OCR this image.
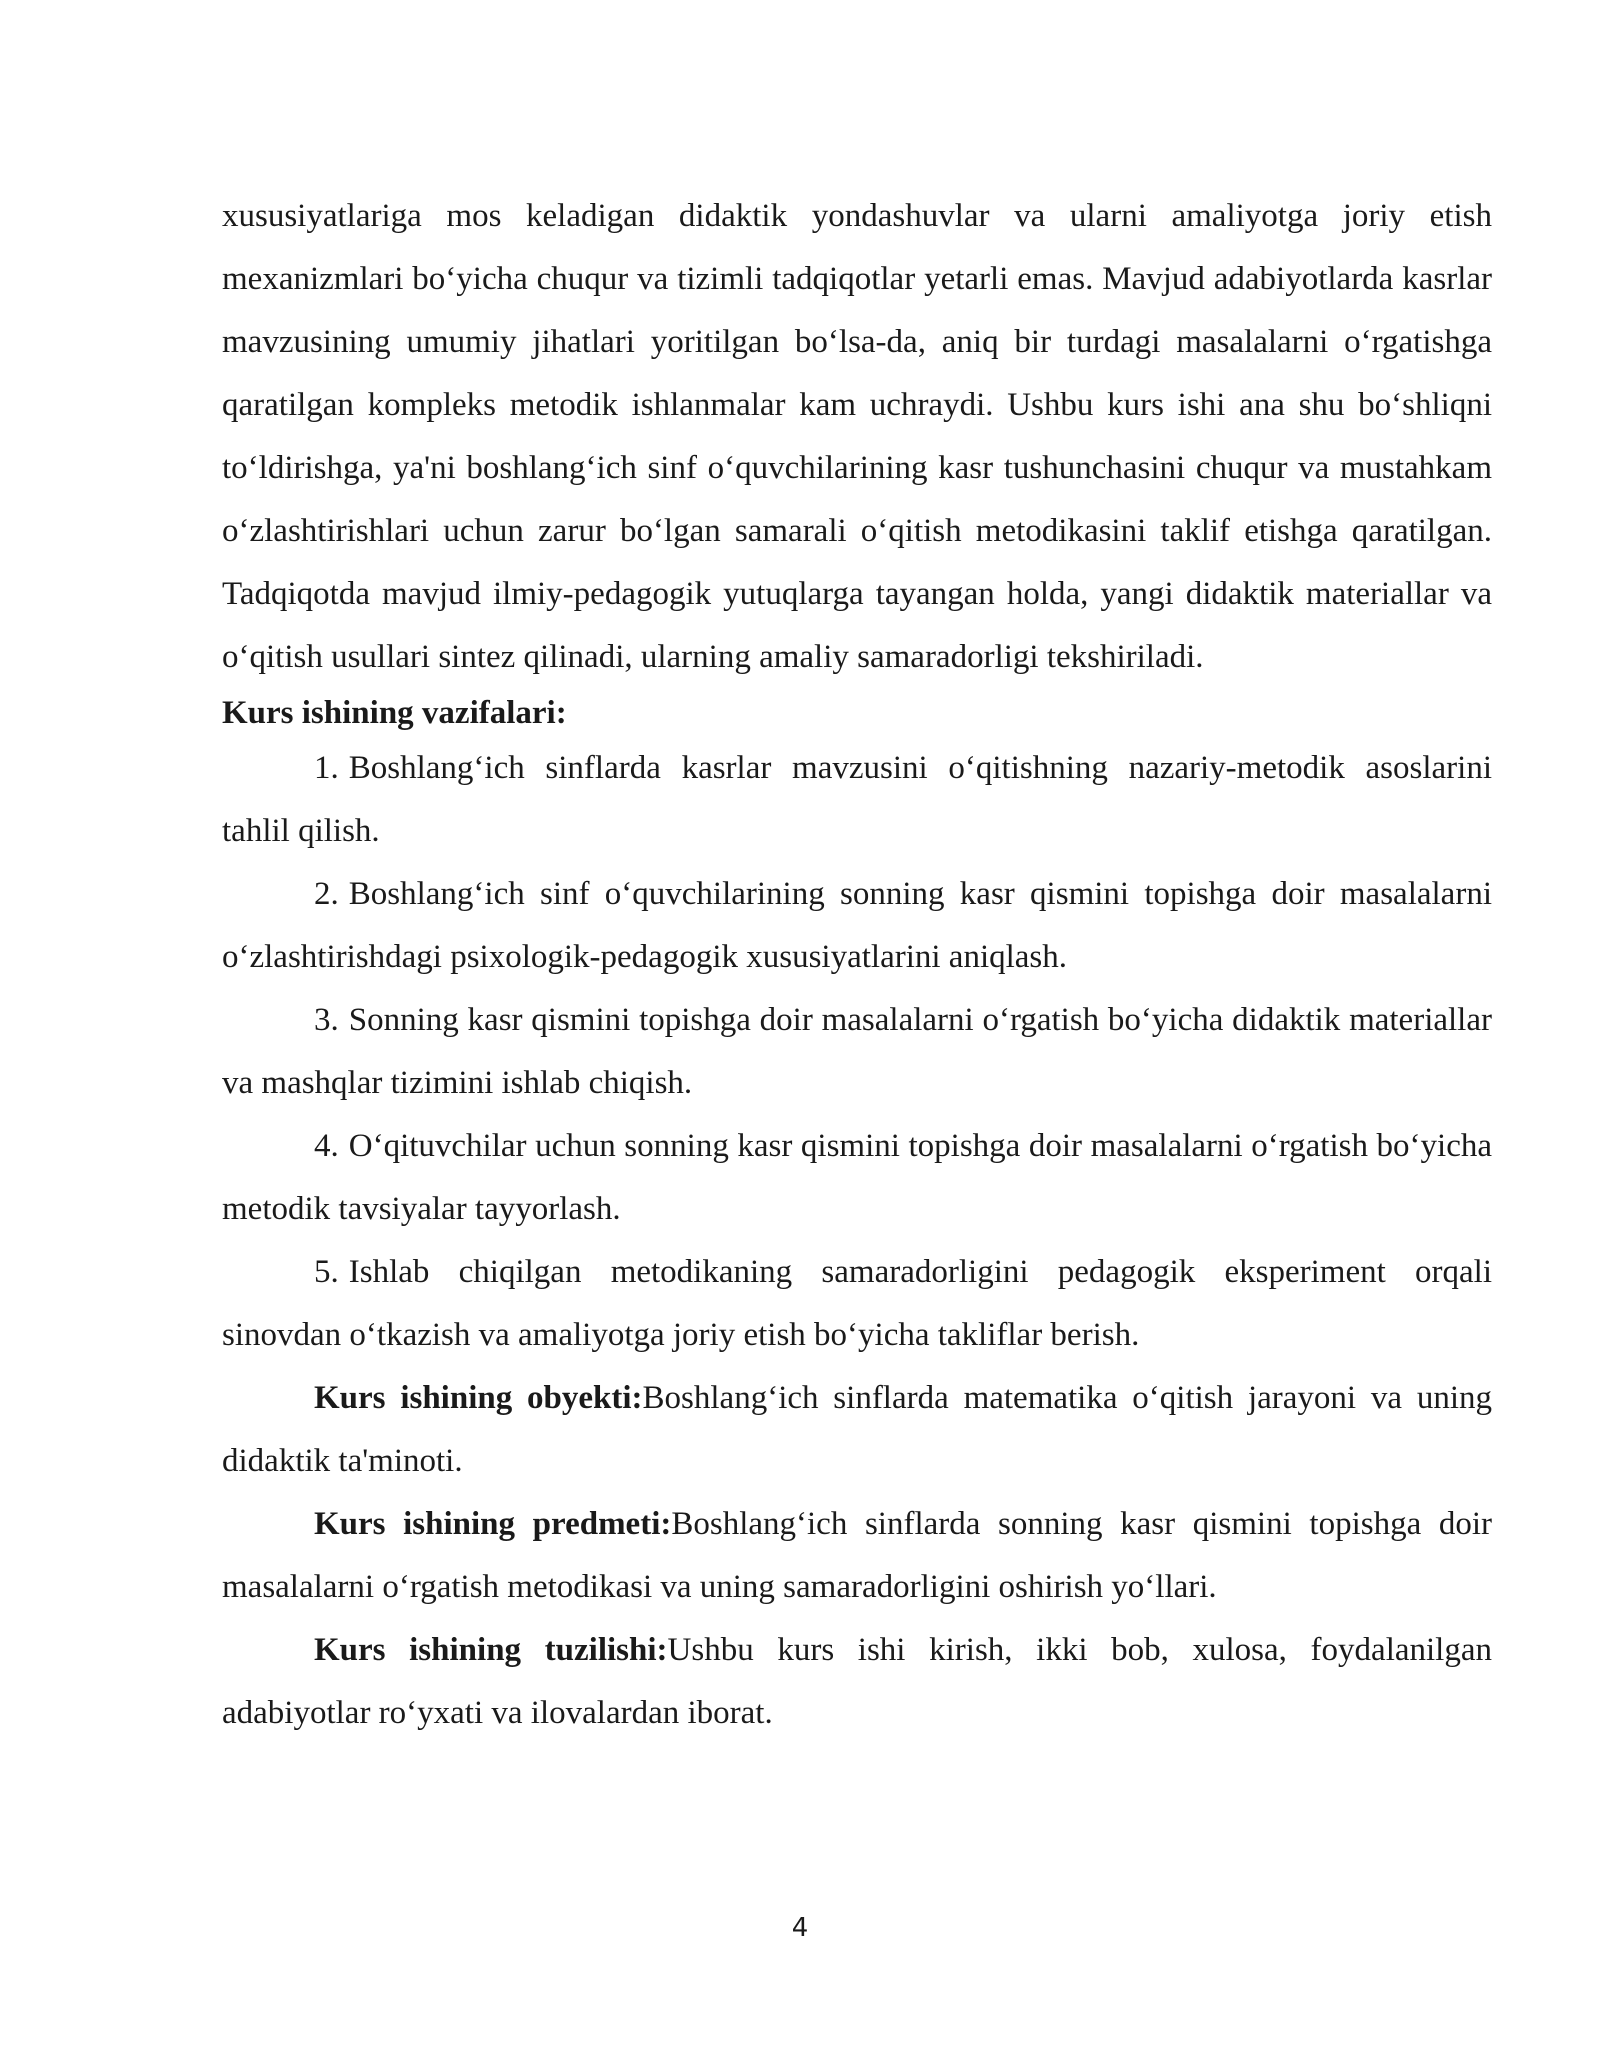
xususiyatlariga mos keladigan didaktik yondashuvlar va ularni amaliyotga joriy etish mexanizmlari bo‘yicha chuqur va tizimli tadqiqotlar yetarli emas. Mavjud adabiyotlarda kasrlar mavzusining umumiy jihatlari yoritilgan bo‘lsa-da, aniq bir turdagi masalalarni o‘rgatishga qaratilgan kompleks metodik ishlanmalar kam uchraydi. Ushbu kurs ishi ana shu bo‘shliqni to‘ldirishga, ya'ni boshlang‘ich sinf o‘quvchilarining kasr tushunchasini chuqur va mustahkam o‘zlashtirishlari uchun zarur bo‘lgan samarali o‘qitish metodikasini taklif etishga qaratilgan. Tadqiqotda mavjud ilmiy-pedagogik yutuqlarga tayangan holda, yangi didaktik materiallar va o‘qitish usullari sintez qilinadi, ularning amaliy samaradorligi tekshiriladi.

Kurs ishining vazifalari:

1. Boshlang‘ich sinflarda kasrlar mavzusini o‘qitishning nazariy-metodik asoslarini tahlil qilish.

2. Boshlang‘ich sinf o‘quvchilarining sonning kasr qismini topishga doir masalalarni o‘zlashtirishdagi psixologik-pedagogik xususiyatlarini aniqlash.

3. Sonning kasr qismini topishga doir masalalarni o‘rgatish bo‘yicha didaktik materiallar va mashqlar tizimini ishlab chiqish.

4. O‘qituvchilar uchun sonning kasr qismini topishga doir masalalarni o‘rgatish bo‘yicha metodik tavsiyalar tayyorlash.

5. Ishlab chiqilgan metodikaning samaradorligini pedagogik eksperiment orqali sinovdan o‘tkazish va amaliyotga joriy etish bo‘yicha takliflar berish.

Kurs ishining obyekti:Boshlang‘ich sinflarda matematika o‘qitish jarayoni va uning didaktik ta'minoti.

Kurs ishining predmeti:Boshlang‘ich sinflarda sonning kasr qismini topishga doir masalalarni o‘rgatish metodikasi va uning samaradorligini oshirish yo‘llari.

Kurs ishining tuzilishi:Ushbu kurs ishi kirish, ikki bob, xulosa, foydalanilgan adabiyotlar ro‘yxati va ilovalardan iborat.

4
